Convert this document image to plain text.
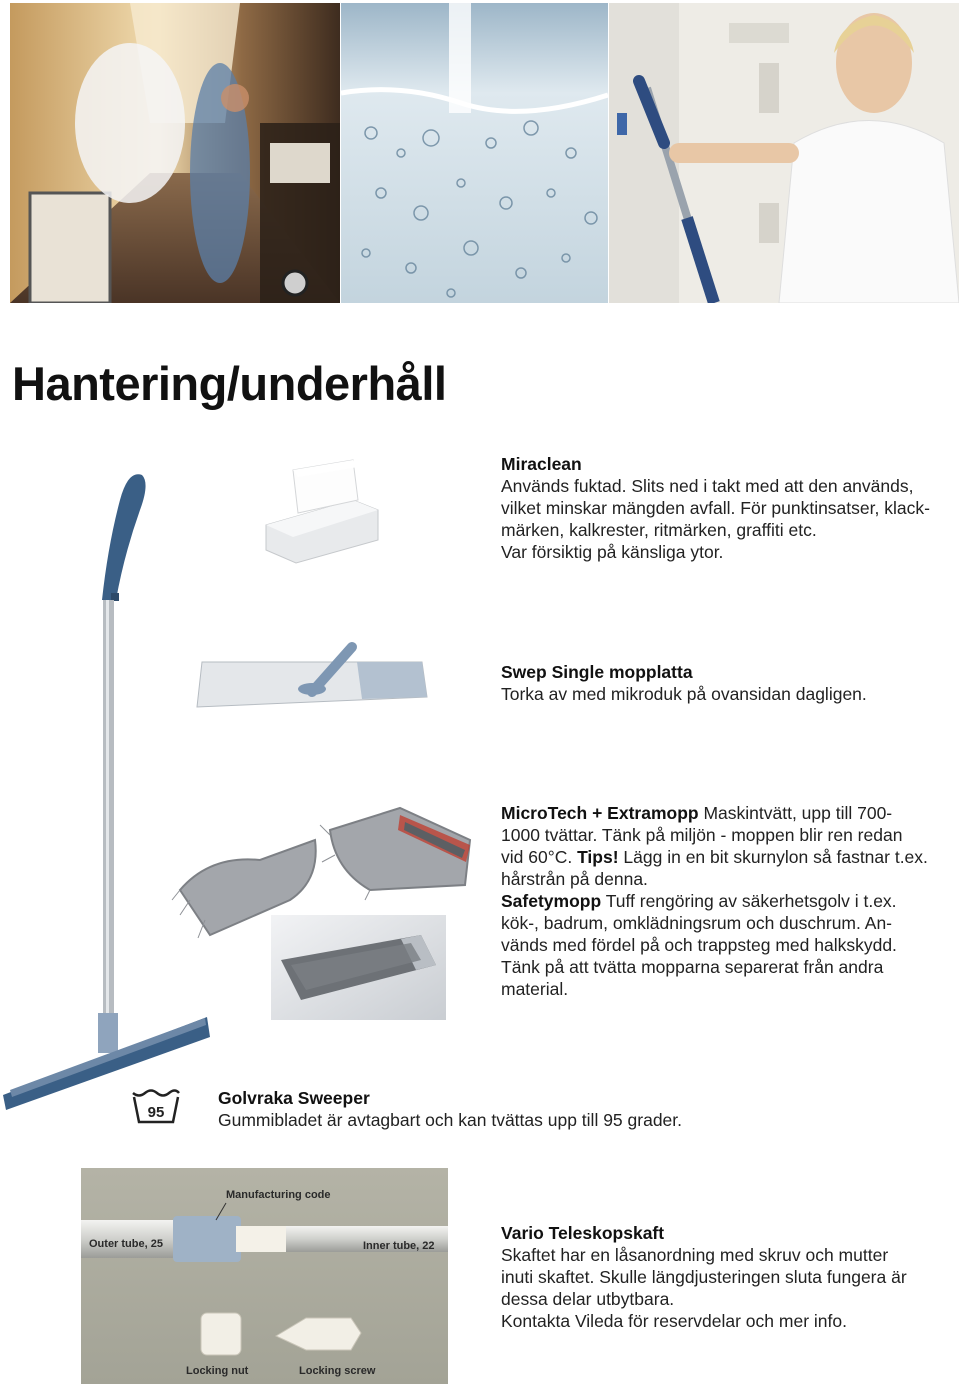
Hantering/underhåll
95
Manufacturing code
Outer tube, 25	Inner tube, 22
Locking nut	Locking screw

Miraclean

Används fuktad. Slits ned i takt med att den används,

vilket minskar mängden avfall. För punktinsatser, klack-

märken, kalkrester, ritmärken, graffiti etc.

Var försiktig på känsliga ytor.

Swep Single mopplatta

Torka av med mikroduk på ovansidan dagligen.

MicroTech + Extramopp Maskintvätt, upp till 700-

1000 tvättar. Tänk på miljön - moppen blir ren redan

vid 60°C. Tips! Lägg in en bit skurnylon så fastnar t.ex.

hårstrån på denna.

Safetymopp Tuff rengöring av säkerhetsgolv i t.ex.

kök-, badrum, omklädningsrum och duschrum. An-

vänds med fördel på och trappsteg med halkskydd.

Tänk på att tvätta mopparna separerat från andra

material.

Golvraka Sweeper

Gummibladet är avtagbart och kan tvättas upp till 95 grader.

Vario Teleskopskaft

Skaftet har en låsanordning med skruv och mutter

inuti skaftet. Skulle längdjusteringen sluta fungera är

dessa delar utbytbara.

Kontakta Vileda för reservdelar och mer info.
